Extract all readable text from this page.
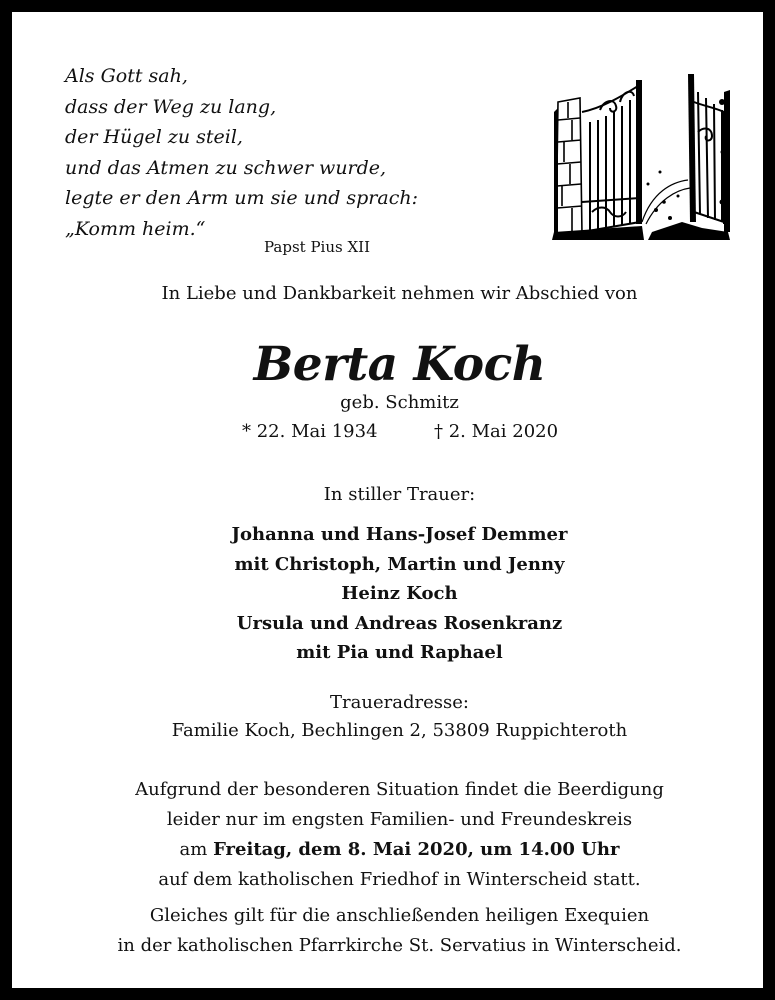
Als Gott sah,
dass der Weg zu lang,
der Hügel zu steil,
und das Atmen zu schwer wurde,
legte er den Arm um sie und sprach:
„Komm heim.“
Papst Pius XII
In Liebe und Dankbarkeit nehmen wir Abschied von
Berta Koch
geb. Schmitz
* 22. Mai 1934	† 2. Mai 2020
In stiller Trauer:
Johanna und Hans-Josef Demmer
mit Christoph, Martin und Jenny
Heinz Koch
Ursula und Andreas Rosenkranz
mit Pia und Raphael
Traueradresse:
Familie Koch, Bechlingen 2, 53809 Ruppichteroth
Aufgrund der besonderen Situation findet die Beerdigung
leider nur im engsten Familien- und Freundeskreis
am Freitag, dem 8. Mai 2020, um 14.00 Uhr
auf dem katholischen Friedhof in Winterscheid statt.
Gleiches gilt für die anschließenden heiligen Exequien
in der katholischen Pfarrkirche St. Servatius in Winterscheid.
